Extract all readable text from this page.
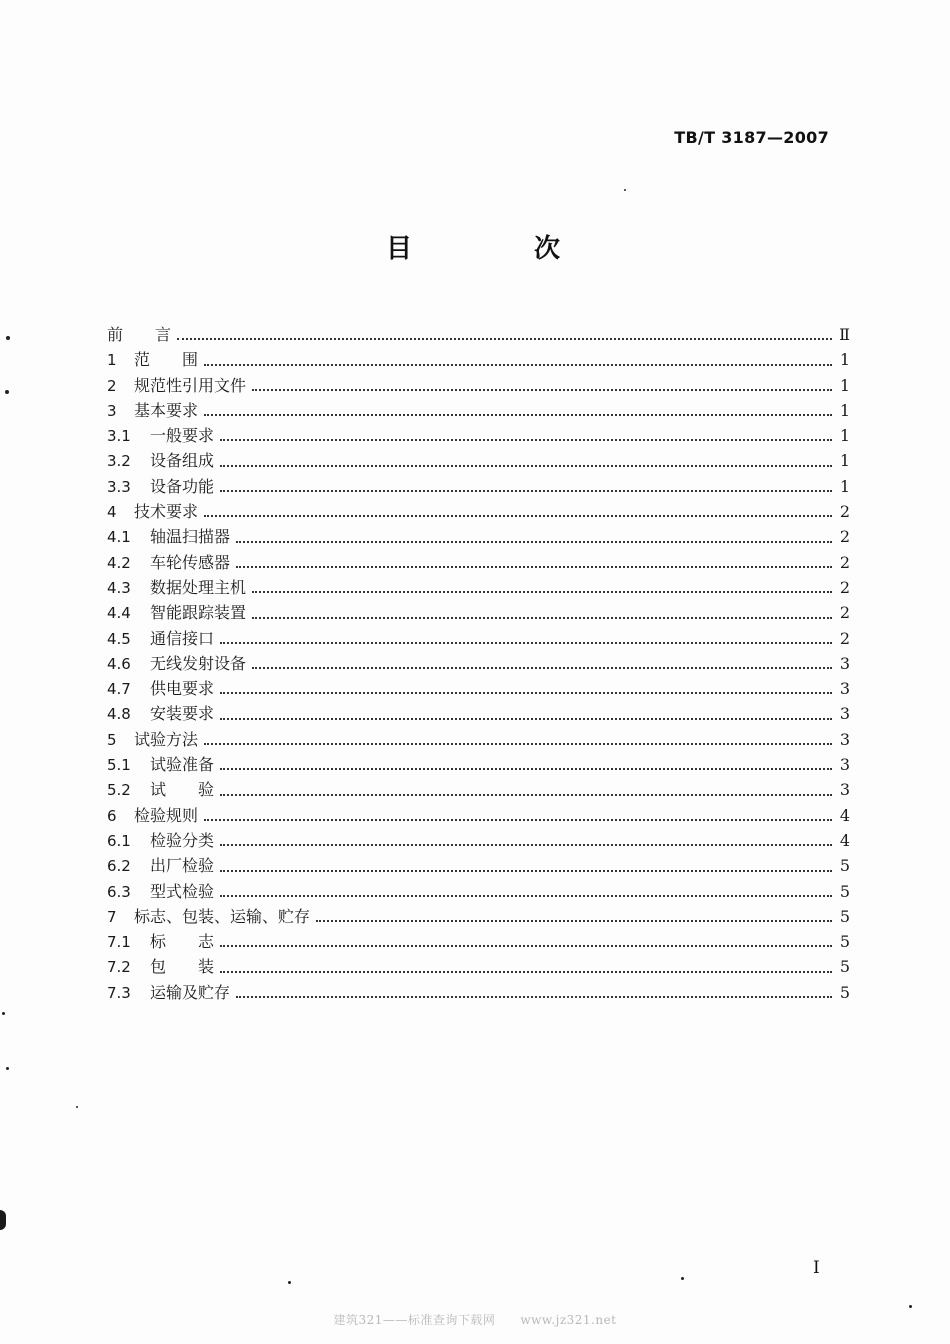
TB/T 3187—2007
目　次
前　　言	Ⅱ
1	范　　围	1
2	规范性引用文件	1
3	基本要求	1
3.1	一般要求	1
3.2	设备组成	1
3.3	设备功能	1
4	技术要求	2
4.1	轴温扫描器	2
4.2	车轮传感器	2
4.3	数据处理主机	2
4.4	智能跟踪装置	2
4.5	通信接口	2
4.6	无线发射设备	3
4.7	供电要求	3
4.8	安装要求	3
5	试验方法	3
5.1	试验准备	3
5.2	试　　验	3
6	检验规则	4
6.1	检验分类	4
6.2	出厂检验	5
6.3	型式检验	5
7	标志、包装、运输、贮存	5
7.1	标　　志	5
7.2	包　　装	5
7.3	运输及贮存	5
I
建筑321——标准查询下载网　　www.jz321.net
